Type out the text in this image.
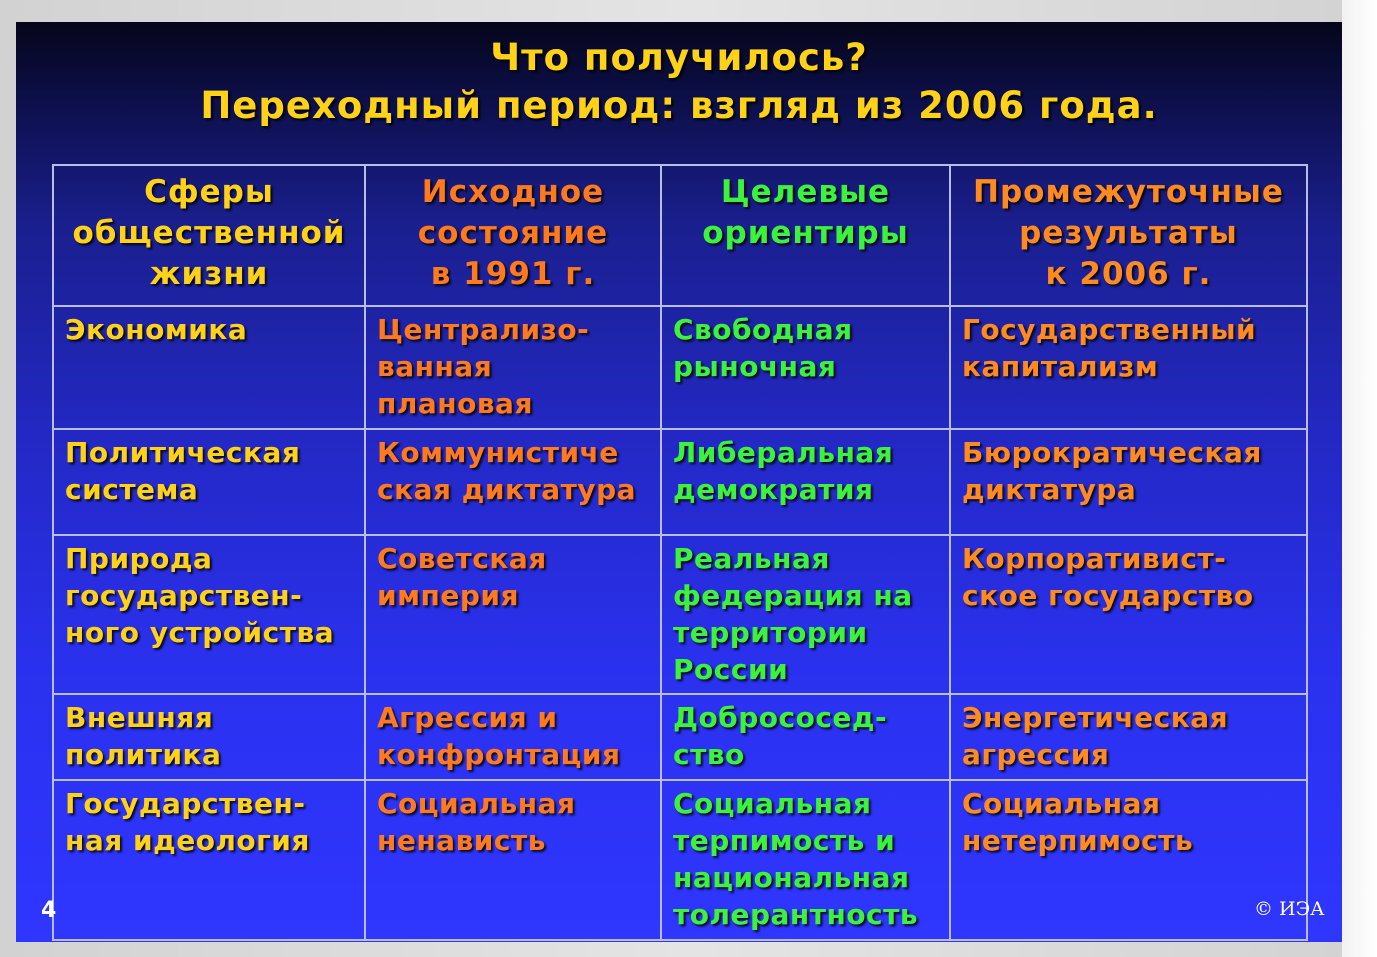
Что получилось?
Переходный период: взгляд из 2006 года.
Сферы
общественной
жизни	Исходное
состояние
в 1991 г.	Целевые
ориентиры	Промежуточные
результаты
к 2006 г.

Экономика	Централизо-
ванная
плановая	Свободная
рыночная	Государственный
капитализм

Политическая
система	Коммунистиче
ская диктатура	Либеральная
демократия	Бюрократическая
диктатура

Природа
государствен-
ного устройства	Советская
империя	Реальная
федерация на
территории
России	Корпоративист-
ское государство

Внешняя
политика	Агрессия и
конфронтация	Добрососед-
ство	Энергетическая
агрессия

Государствен-
ная идеология	Социальная
ненависть	Социальная
терпимость и
национальная
толерантность	Социальная
нетерпимость
4	© ИЭА
